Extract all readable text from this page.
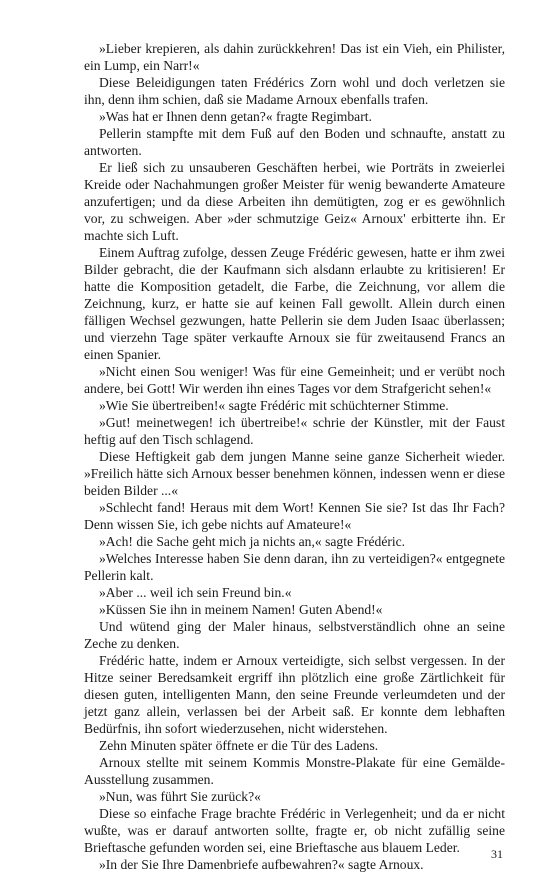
»Lieber krepieren, als dahin zurückkehren! Das ist ein Vieh, ein Philister, ein Lump, ein Narr!«

Diese Beleidigungen taten Frédérics Zorn wohl und doch verletzen sie ihn, denn ihm schien, daß sie Madame Arnoux ebenfalls trafen.

»Was hat er Ihnen denn getan?« fragte Regimbart.

Pellerin stampfte mit dem Fuß auf den Boden und schnaufte, anstatt zu antworten.

Er ließ sich zu unsauberen Geschäften herbei, wie Porträts in zweierlei Kreide oder Nachahmungen großer Meister für wenig bewanderte Amateure anzufertigen; und da diese Arbeiten ihn demütigten, zog er es gewöhnlich vor, zu schweigen. Aber »der schmutzige Geiz« Arnoux' erbitterte ihn. Er machte sich Luft.

Einem Auftrag zufolge, dessen Zeuge Frédéric gewesen, hatte er ihm zwei Bilder gebracht, die der Kaufmann sich alsdann erlaubte zu kritisieren! Er hatte die Komposition getadelt, die Farbe, die Zeichnung, vor allem die Zeichnung, kurz, er hatte sie auf keinen Fall gewollt. Allein durch einen fälligen Wechsel gezwungen, hatte Pellerin sie dem Juden Isaac überlassen; und vierzehn Tage später verkaufte Arnoux sie für zweitausend Francs an einen Spanier.

»Nicht einen Sou weniger! Was für eine Gemeinheit; und er verübt noch andere, bei Gott! Wir werden ihn eines Tages vor dem Strafgericht sehen!«

»Wie Sie übertreiben!« sagte Frédéric mit schüchterner Stimme.

»Gut! meinetwegen! ich übertreibe!« schrie der Künstler, mit der Faust heftig auf den Tisch schlagend.

Diese Heftigkeit gab dem jungen Manne seine ganze Sicherheit wieder. »Freilich hätte sich Arnoux besser benehmen können, indessen wenn er diese beiden Bilder ...«

»Schlecht fand! Heraus mit dem Wort! Kennen Sie sie? Ist das Ihr Fach? Denn wissen Sie, ich gebe nichts auf Amateure!«

»Ach! die Sache geht mich ja nichts an,« sagte Frédéric.

»Welches Interesse haben Sie denn daran, ihn zu verteidigen?« entgegnete Pellerin kalt.

»Aber ... weil ich sein Freund bin.«

»Küssen Sie ihn in meinem Namen! Guten Abend!«

Und wütend ging der Maler hinaus, selbstverständlich ohne an seine Zeche zu denken.

Frédéric hatte, indem er Arnoux verteidigte, sich selbst vergessen. In der Hitze seiner Beredsamkeit ergriff ihn plötzlich eine große Zärtlichkeit für diesen guten, intelligenten Mann, den seine Freunde verleumdeten und der jetzt ganz allein, verlassen bei der Arbeit saß. Er konnte dem lebhaften Bedürfnis, ihn sofort wiederzusehen, nicht widerstehen.

Zehn Minuten später öffnete er die Tür des Ladens.

Arnoux stellte mit seinem Kommis Monstre-Plakate für eine Gemälde-Ausstellung zusammen.

»Nun, was führt Sie zurück?«

Diese so einfache Frage brachte Frédéric in Verlegenheit; und da er nicht wußte, was er darauf antworten sollte, fragte er, ob nicht zufällig seine Brieftasche gefunden worden sei, eine Brieftasche aus blauem Leder.

»In der Sie Ihre Damenbriefe aufbewahren?« sagte Arnoux.

31
